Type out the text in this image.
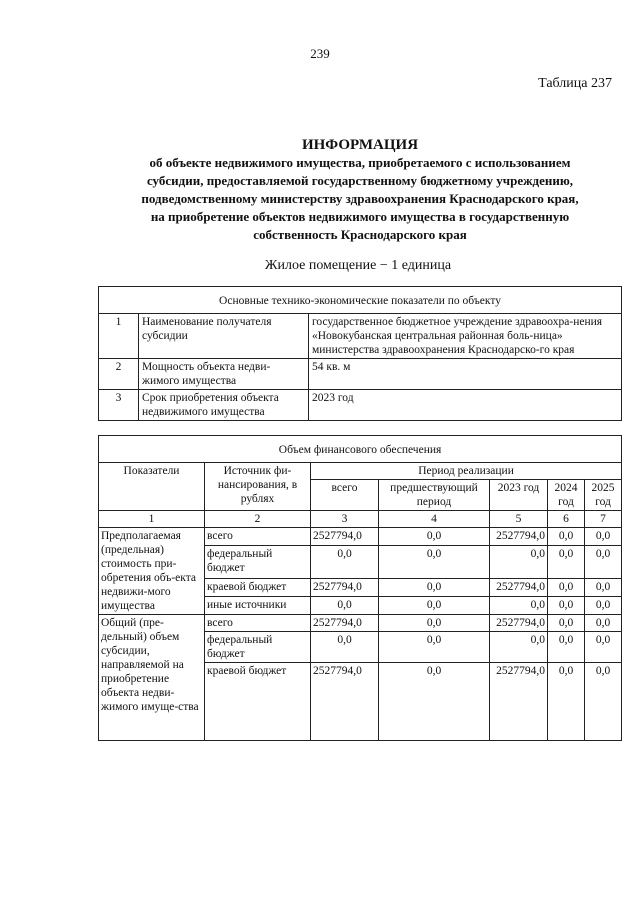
239
Таблица 237
ИНФОРМАЦИЯ
об объекте недвижимого имущества, приобретаемого с использованием
субсидии, предоставляемой государственному бюджетному учреждению,
подведомственному министерству здравоохранения Краснодарского края,
на приобретение объектов недвижимого имущества в государственную
собственность Краснодарского края
Жилое помещение − 1 единица
Основные технико-экономические показатели по объекту		
1	Наименование получателя субсидии	государственное бюджетное учреждение здравоохра-нения «Новокубанская центральная районная боль-ница» министерства здравоохранения Краснодарско-го края
2	Мощность объекта недви-жимого имущества	54 кв. м
3	Срок приобретения объекта недвижимого имущества	2023 год
Объем финансового обеспечения						
Показатели	Источник фи-нансирования, в рублях	Период реализации				
		всего	предшествующий период	2023 год	2024 год	2025 год
1	2	3	4	5	6	7
Предполагаемая (предельная) стоимость при-обретения объ-екта недвижи-мого имущества	всего	2527794,0	0,0	2527794,0	0,0	0,0
	федеральный бюджет	0,0	0,0	0,0	0,0	0,0
	краевой бюджет	2527794,0	0,0	2527794,0	0,0	0,0
	иные источники	0,0	0,0	0,0	0,0	0,0
Общий (пре-дельный) объем субсидии, направляемой на приобретение объекта недви-жимого имуще-ства	всего	2527794,0	0,0	2527794,0	0,0	0,0
	федеральный бюджет	0,0	0,0	0,0	0,0	0,0
	краевой бюджет	2527794,0	0,0	2527794,0	0,0	0,0
